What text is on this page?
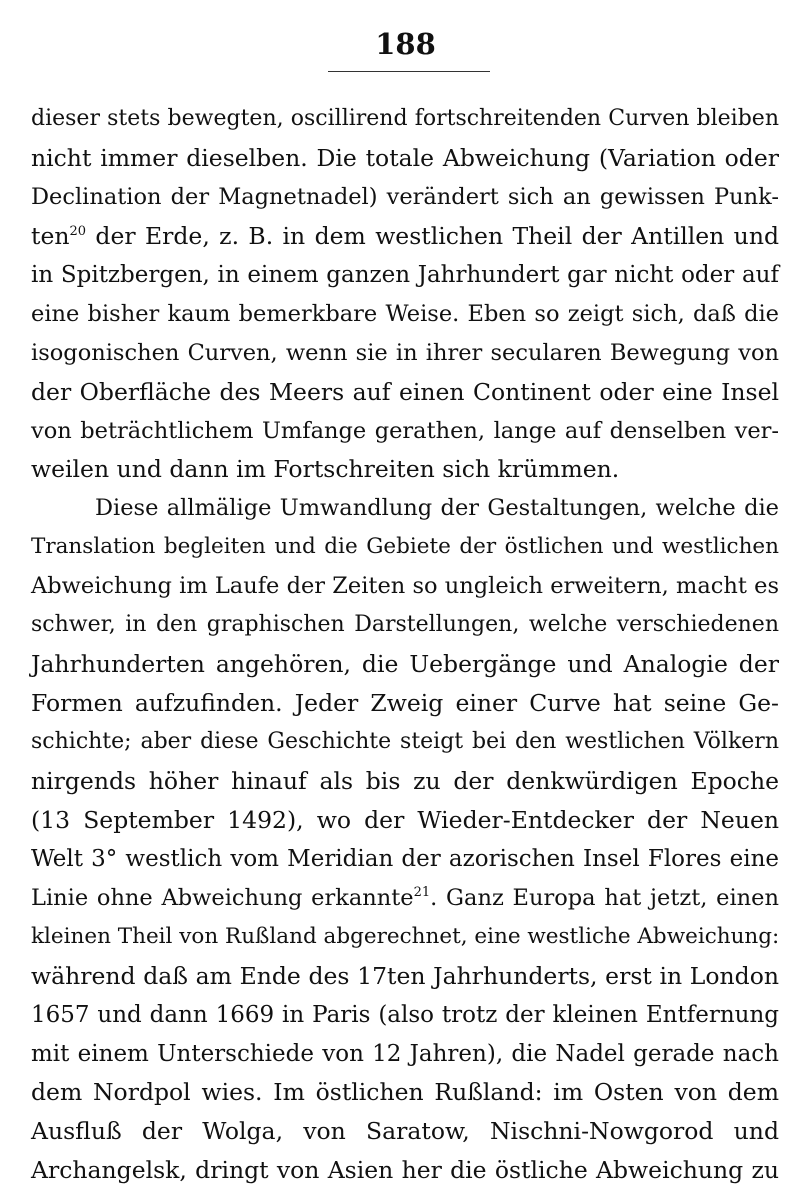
188
dieser stets bewegten, oscillirend fortschreitenden Curven bleiben
nicht immer dieselben. Die totale Abweichung (Variation oder
Declination der Magnetnadel) verändert sich an gewissen Punk-
ten$^{20}$ der Erde, z. B. in dem westlichen Theil der Antillen und
in Spitzbergen, in einem ganzen Jahrhundert gar nicht oder auf
eine bisher kaum bemerkbare Weise. Eben so zeigt sich, daß die
isogonischen Curven, wenn sie in ihrer secularen Bewegung von
der Oberfläche des Meers auf einen Continent oder eine Insel
von beträchtlichem Umfange gerathen, lange auf denselben ver-
weilen und dann im Fortschreiten sich krümmen.
Diese allmälige Umwandlung der Gestaltungen, welche die
Translation begleiten und die Gebiete der östlichen und westlichen
Abweichung im Laufe der Zeiten so ungleich erweitern, macht es
schwer, in den graphischen Darstellungen, welche verschiedenen
Jahrhunderten angehören, die Uebergänge und Analogie der
Formen aufzufinden. Jeder Zweig einer Curve hat seine Ge-
schichte; aber diese Geschichte steigt bei den westlichen Völkern
nirgends höher hinauf als bis zu der denkwürdigen Epoche
(13 September 1492), wo der Wieder-Entdecker der Neuen
Welt 3° westlich vom Meridian der azorischen Insel Flores eine
Linie ohne Abweichung erkannte$^{21}$. Ganz Europa hat jetzt, einen
kleinen Theil von Rußland abgerechnet, eine westliche Abweichung:
während daß am Ende des 17ten Jahrhunderts, erst in London
1657 und dann 1669 in Paris (also trotz der kleinen Entfernung
mit einem Unterschiede von 12 Jahren), die Nadel gerade nach
dem Nordpol wies. Im östlichen Rußland: im Osten von dem
Ausfluß der Wolga, von Saratow, Nischni-Nowgorod und
Archangelsk, dringt von Asien her die östliche Abweichung zu
